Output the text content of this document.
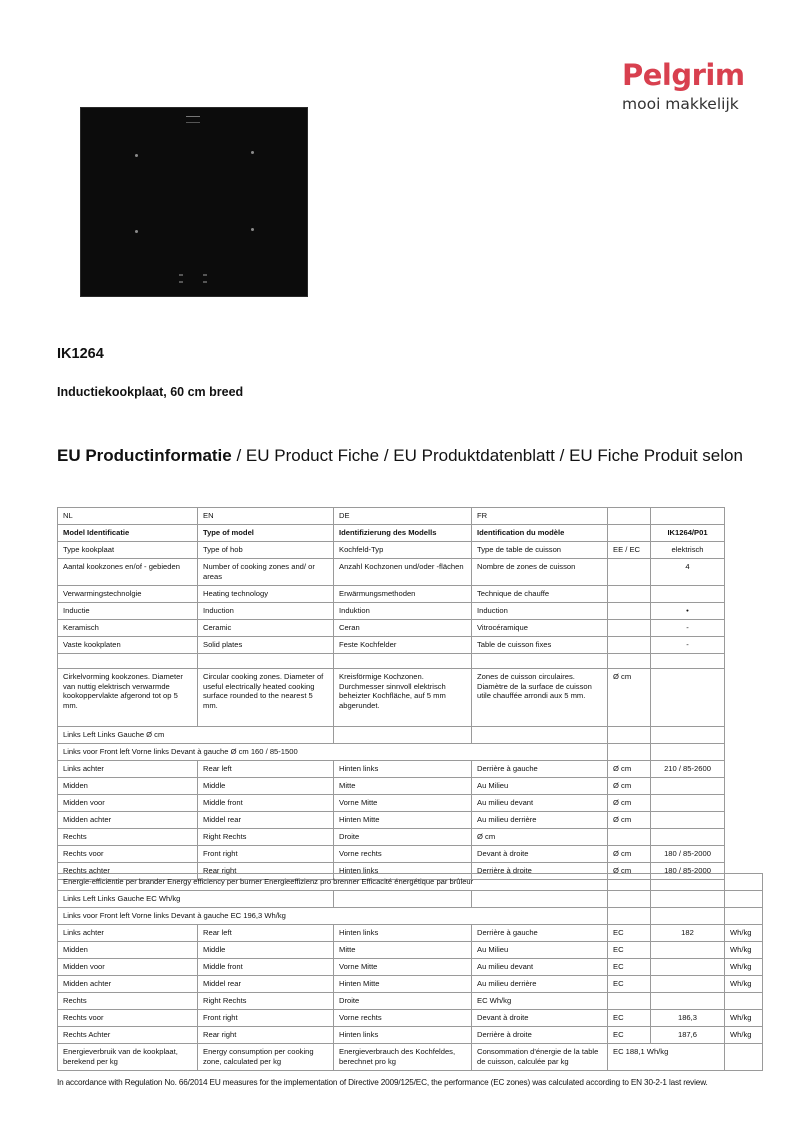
Pelgrim
mooi makkelijk
IK1264
Inductiekookplaat, 60 cm breed
EU Productinformatie / EU Product Fiche / EU Produktdatenblatt / EU Fiche Produit selon
NL	EN	DE	FR		
Model Identificatie	Type of model	Identifizierung des Modells	Identification du modèle		IK1264/P01
Type kookplaat	Type of hob	Kochfeld-Typ	Type de table de cuisson	EE / EC	elektrisch
Aantal kookzones en/of - gebieden	Number of cooking zones and/ or areas	Anzahl Kochzonen und/oder -flächen	Nombre de zones de cuisson		4
Verwarmingstechnolgie	Heating technology	Erwärmungsmethoden	Technique de chauffe		
Inductie	Induction	Induktion	Induction		•
Keramisch	Ceramic	Ceran	Vitrocéramique		-
Vaste kookplaten	Solid plates	Feste Kochfelder	Table de cuisson fixes		-

Cirkelvorming kookzones. Diameter van nuttig elektrisch verwarmde kookoppervlakte afgerond tot op 5 mm.	Circular cooking zones. Diameter of useful electrically heated cooking surface rounded to the nearest 5 mm.	Kreisförmige Kochzonen. Durchmesser sinnvoll elektrisch beheizter Kochfläche, auf 5 mm abgerundet.	Zones de cuisson circulaires. Diamètre de la surface de cuisson utile chauffée arrondi aux 5 mm.	Ø cm	
Links Left Links Gauche Ø cm					
Links voor Front left Vorne links Devant à gauche Ø cm 160 / 85-1500					
Links achter	Rear left	Hinten links	Derrière à gauche	Ø cm	210 / 85-2600
Midden	Middle	Mitte	Au Milieu	Ø cm	
Midden voor	Middle front	Vorne Mitte	Au milieu devant	Ø cm	
Midden achter	Middel rear	Hinten Mitte	Au milieu derrière	Ø cm	
Rechts	Right Rechts	Droite	Ø cm		
Rechts voor	Front right	Vorne rechts	Devant à droite	Ø cm	180 / 85-2000
Rechts achter	Rear right	Hinten links	Derrière à droite	Ø cm	180 / 85-2000
Energie-efficiëntie per brander Energy efficiency per burner Energieeffizienz pro brenner Efficacité énergétique par brûleur						
Links Left Links Gauche EC Wh/kg						
Links voor Front left Vorne links Devant à gauche EC 196,3 Wh/kg						
Links achter	Rear left	Hinten links	Derrière à gauche	EC	182	Wh/kg
Midden	Middle	Mitte	Au Milieu	EC		Wh/kg
Midden voor	Middle front	Vorne Mitte	Au milieu devant	EC		Wh/kg
Midden achter	Middel rear	Hinten Mitte	Au milieu derrière	EC		Wh/kg
Rechts	Right Rechts	Droite	EC Wh/kg			
Rechts voor	Front right	Vorne rechts	Devant à droite	EC	186,3	Wh/kg
Rechts Achter	Rear right	Hinten links	Derrière à droite	EC	187,6	Wh/kg
Energieverbruik van de kookplaat, berekend per kg	Energy consumption per cooking zone, calculated per kg	Energieverbrauch des Kochfeldes, berechnet pro kg	Consommation d'énergie de la table de cuisson, calculée par kg	EC 188,1 Wh/kg		
In accordance with Regulation No. 66/2014 EU measures for the implementation of Directive 2009/125/EC, the performance (EC zones) was calculated according to EN 30-2-1 last review.
